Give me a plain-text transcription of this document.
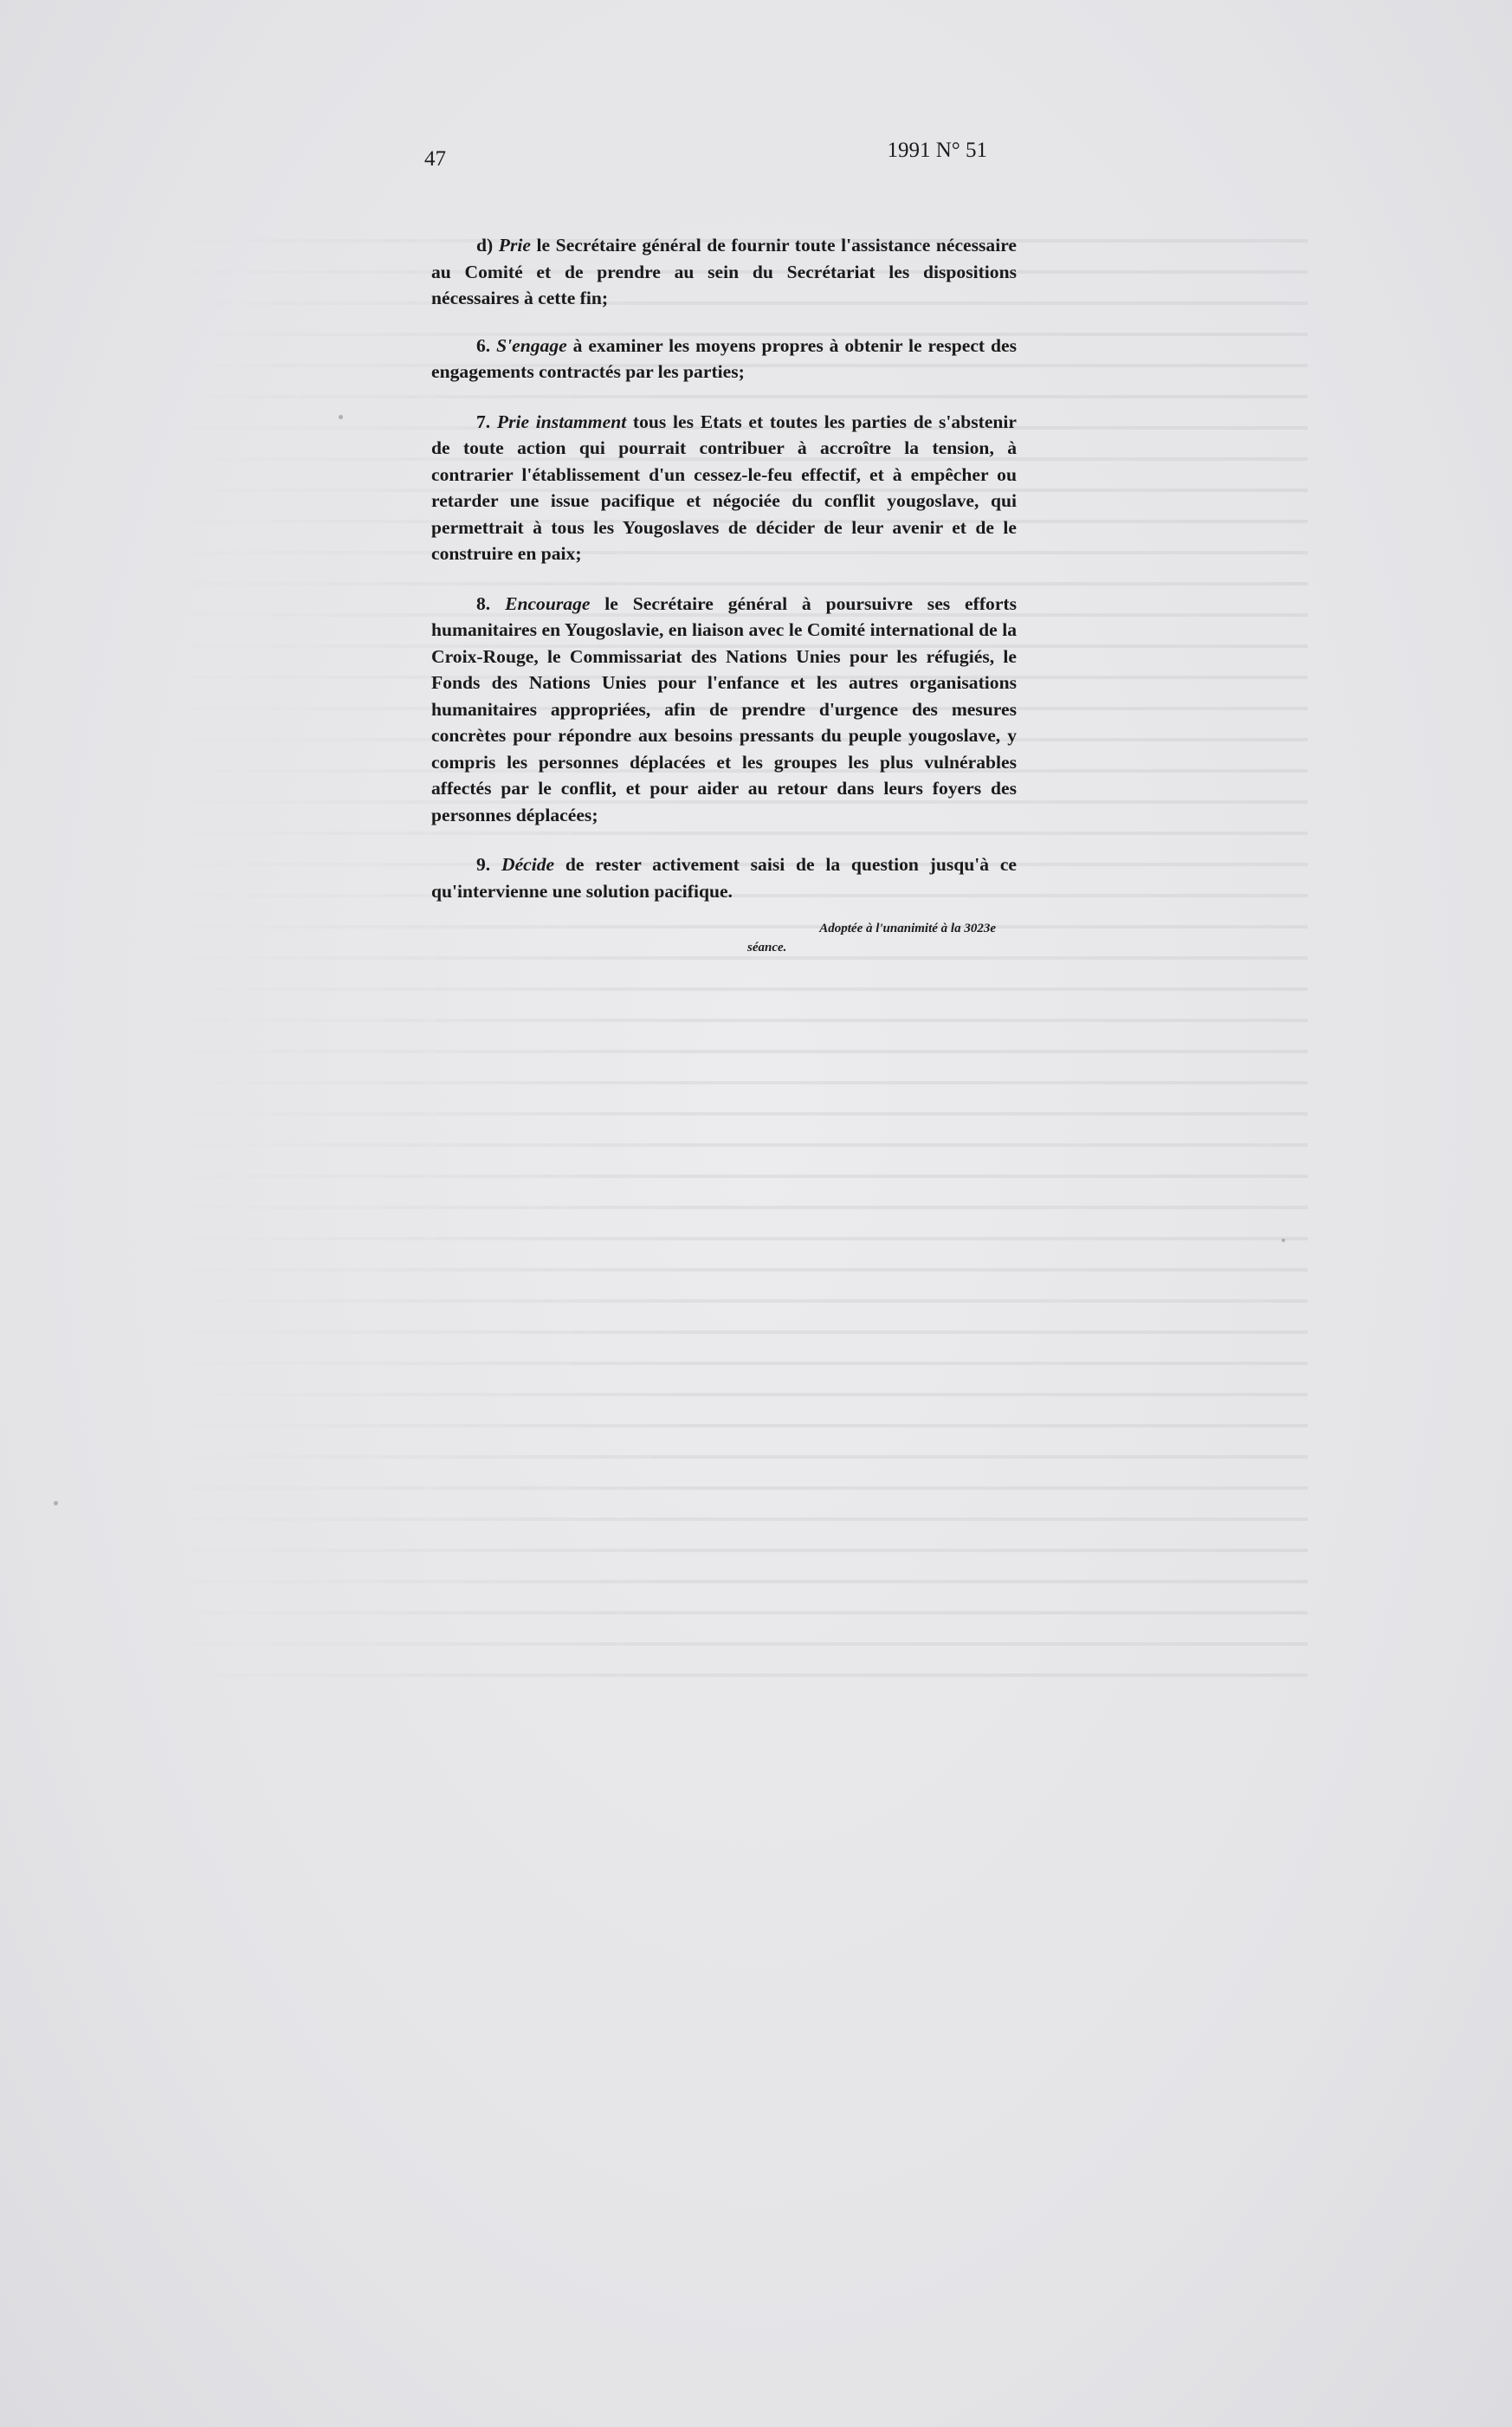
47	1991 N° 51

d) Prie le Secrétaire général de fournir toute l'assistance nécessaire au Comité et de prendre au sein du Secrétariat les dispositions nécessaires à cette fin;

6. S'engage à examiner les moyens propres à obtenir le respect des engagements contractés par les parties;

7. Prie instamment tous les Etats et toutes les parties de s'abstenir de toute action qui pourrait contribuer à accroître la tension, à contrarier l'établissement d'un cessez-le-feu effectif, et à empêcher ou retarder une issue pacifique et négociée du conflit yougoslave, qui permettrait à tous les Yougoslaves de décider de leur avenir et de le construire en paix;

8. Encourage le Secrétaire général à poursuivre ses efforts humanitaires en Yougoslavie, en liaison avec le Comité international de la Croix-Rouge, le Commissariat des Nations Unies pour les réfugiés, le Fonds des Nations Unies pour l'enfance et les autres organisations humanitaires appropriées, afin de prendre d'urgence des mesures concrètes pour répondre aux besoins pressants du peuple yougoslave, y compris les personnes déplacées et les groupes les plus vulnérables affectés par le conflit, et pour aider au retour dans leurs foyers des personnes déplacées;

9. Décide de rester activement saisi de la question jusqu'à ce qu'intervienne une solution pacifique.

Adoptée à l'unanimité à la 3023e
séance.
